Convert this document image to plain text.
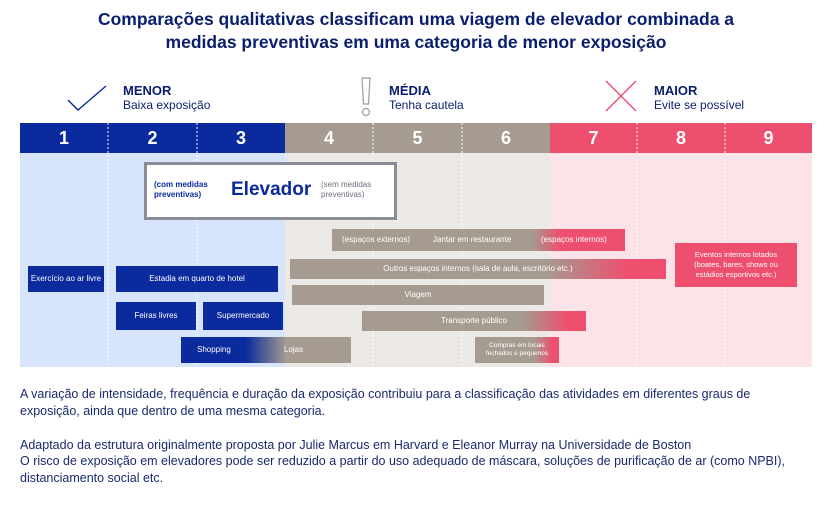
Comparações qualitativas classificam uma viagem de elevador combinada a
medidas preventivas em uma categoria de menor exposição
MENOR
Baixa exposição
MÉDIA
Tenha cautela
MAIOR
Evite se possível
1	2	3	4	5	6	7	8	9
(com medidas preventivas)	Elevador (sem medidas preventivas)
Exercício ao ar livre	Estadia em quarto de hotel
Feiras livres	Supermercado
Shopping	Lojas
(espaços externos)	Jantar em restaurante	(espaços internos)
Outros espaços internos (sala de aula, escritório etc.)
Viagem
Transporte público
Compras em locais fechados e pequenos
Eventos internos lotados (boates, bares, shows ou estádios esportivos etc.)
A variação de intensidade, frequência e duração da exposição contribuiu para a classificação das atividades em diferentes graus de exposição, ainda que dentro de uma mesma categoria.
Adaptado da estrutura originalmente proposta por Julie Marcus em Harvard e Eleanor Murray na Universidade de Boston
O risco de exposição em elevadores pode ser reduzido a partir do uso adequado de máscara, soluções de purificação de ar (como NPBI), distanciamento social etc.
